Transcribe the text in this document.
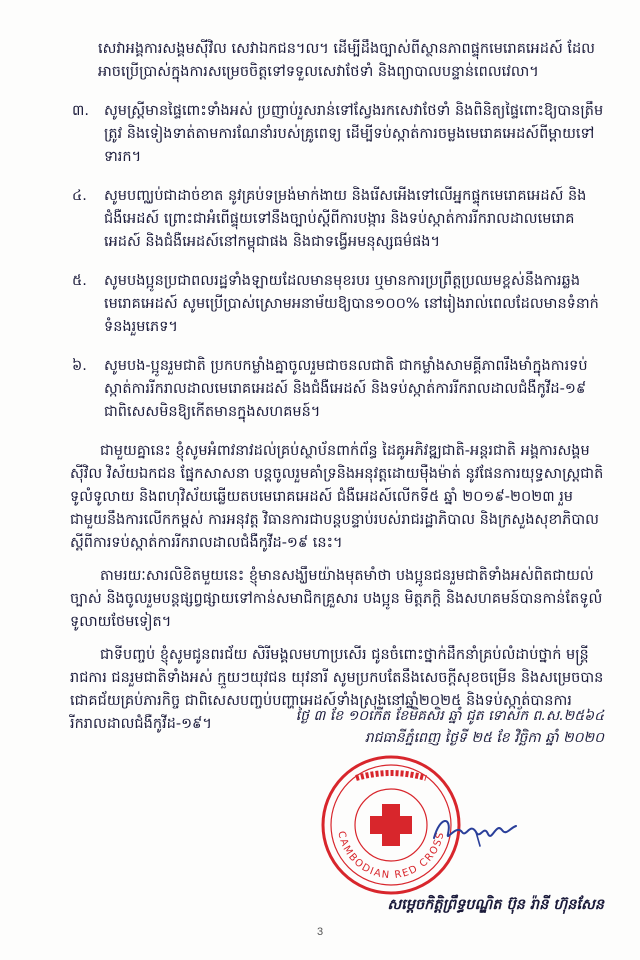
សេវាអង្គការសង្គមស៊ីវិល សេវាឯកជន។ល។ ដើម្បីដឹងច្បាស់ពីស្ថានភាពផ្ទុកមេរោគអេដស៍ ដែលអាចប្រើប្រាស់ក្នុងការសម្រេចចិត្តទៅទទួលសេវាថែទាំ និងព្យាបាលបន្ទាន់ពេលវេលា។

៣.	សូមស្ត្រីមានផ្ទៃពោះទាំងអស់ ប្រញាប់រួសរាន់ទៅស្វែងរកសេវាថែទាំ និងពិនិត្យផ្ទៃពោះឱ្យបានត្រឹមត្រូវ និងទៀងទាត់តាមការណែនាំរបស់គ្រូពេទ្យ ដើម្បីទប់ស្កាត់ការចម្លងមេរោគអេដស៍ពីម្ដាយទៅទារក។
៤.	សូមបញ្ឈប់ជាដាច់ខាត នូវគ្រប់ទម្រង់មាក់ងាយ និងរើសអើងទៅលើអ្នកផ្ទុកមេរោគអេដស៍ និងជំងឺអេដស៍ ព្រោះជាអំពើផ្ទុយទៅនឹងច្បាប់ស្ដីពីការបង្ការ និងទប់ស្កាត់ការរីករាលដាលមេរោគអេដស៍ និងជំងឺអេដស៍នៅកម្ពុជាផង និងជាទង្វើអមនុស្សធម៌ផង។
៥.	សូមបងប្អូនប្រជាពលរដ្ឋទាំងឡាយដែលមានមុខរបរ ឬមានការប្រព្រឹត្តប្រឈមខ្ពស់នឹងការឆ្លងមេរោគអេដស៍ សូមប្រើប្រាស់ស្រោមអនាម័យឱ្យបាន១០០% នៅរៀងរាល់ពេលដែលមានទំនាក់ទំនងរួមភេទ។
៦.	សូមបង-ប្អូនរួមជាតិ ប្រកបកម្លាំងគ្នាចូលរួមជាចនលជាតិ ជាកម្លាំងសាមគ្គីភាពរឹងមាំក្នុងការទប់ស្កាត់ការរីករាលដាលមេរោគអេដស៍ និងជំងឺអេដស៍ និងទប់ស្កាត់ការរីករាលដាលជំងឺកូវីដ-១៩ ជាពិសេសមិនឱ្យកើតមានក្នុងសហគមន៍។

ជាមួយគ្នានេះ ខ្ញុំសូមអំពាវនាវដល់គ្រប់ស្ថាប័នពាក់ព័ន្ធ ដៃគូអភិវឌ្ឍជាតិ-អន្តរជាតិ អង្គការសង្គមស៊ីវិល វិស័យឯកជន ផ្នែកសាសនា បន្តចូលរួមគាំទ្រនិងអនុវត្តដោយម៉ឺងម៉ាត់ នូវផែនការយុទ្ធសាស្ត្រជាតិទូលំទូលាយ និងពហុវិស័យឆ្លើយតបមេរោគអេដស៍ ជំងឺអេដស៍លើកទី៥ ឆ្នាំ ២០១៩-២០២៣ រួមជាមួយនឹងការលើកកម្ពស់ ការអនុវត្ត វិធានការជាបន្តបន្ទាប់របស់រាជរដ្ឋាភិបាល និងក្រសួងសុខាភិបាលស្ដីពីការទប់ស្កាត់ការរីករាលដាលជំងឺកូវីដ-១៩ នេះ។

តាមរយៈសារលិខិតមួយនេះ ខ្ញុំមានសង្ឃឹមយ៉ាងមុតមាំថា បងប្អូនជនរួមជាតិទាំងអស់ពិតជាយល់ច្បាស់ និងចូលរួមបន្តផ្សព្វផ្សាយទៅកាន់សមាជិកគ្រួសារ បងប្អូន មិត្តភក្តិ និងសហគមន៍បានកាន់តែទូលំទូលាយថែមទៀត។

ជាទីបញ្ចប់ ខ្ញុំសូមជូនពរជ័យ សិរីមង្គលមហាប្រសើរ ជូនចំពោះថ្នាក់ដឹកនាំគ្រប់លំដាប់ថ្នាក់ មន្ត្រីរាជការ ជនរួមជាតិទាំងអស់ ក្មួយៗយុវជន យុវនារី សូមប្រកបតែនឹងសេចក្តីសុខចម្រើន និងសម្រេចបានជោគជ័យគ្រប់ភារកិច្ច ជាពិសេសបញ្ចប់បញ្ហាអេដស៍ទាំងស្រុងនៅឆ្នាំ២០២៥ និងទប់ស្កាត់បានការរីករាលដាលជំងឺកូវីដ-១៩។	ថ្ងៃ ៣ ខែ ១០កើត ខែមិគសិរ ឆ្នាំ ជូត ទោស័ក ព.ស.២៥៦៤
រាជធានីភ្នំពេញ ថ្ងៃទី ២៥ ខែ វិច្ឆិកា ឆ្នាំ ២០២០
CAMBODIAN RED CROSS
សម្តេចកិត្តិព្រឹទ្ធបណ្ឌិត ប៊ុន រ៉ានី ហ៊ុនសែន
3
